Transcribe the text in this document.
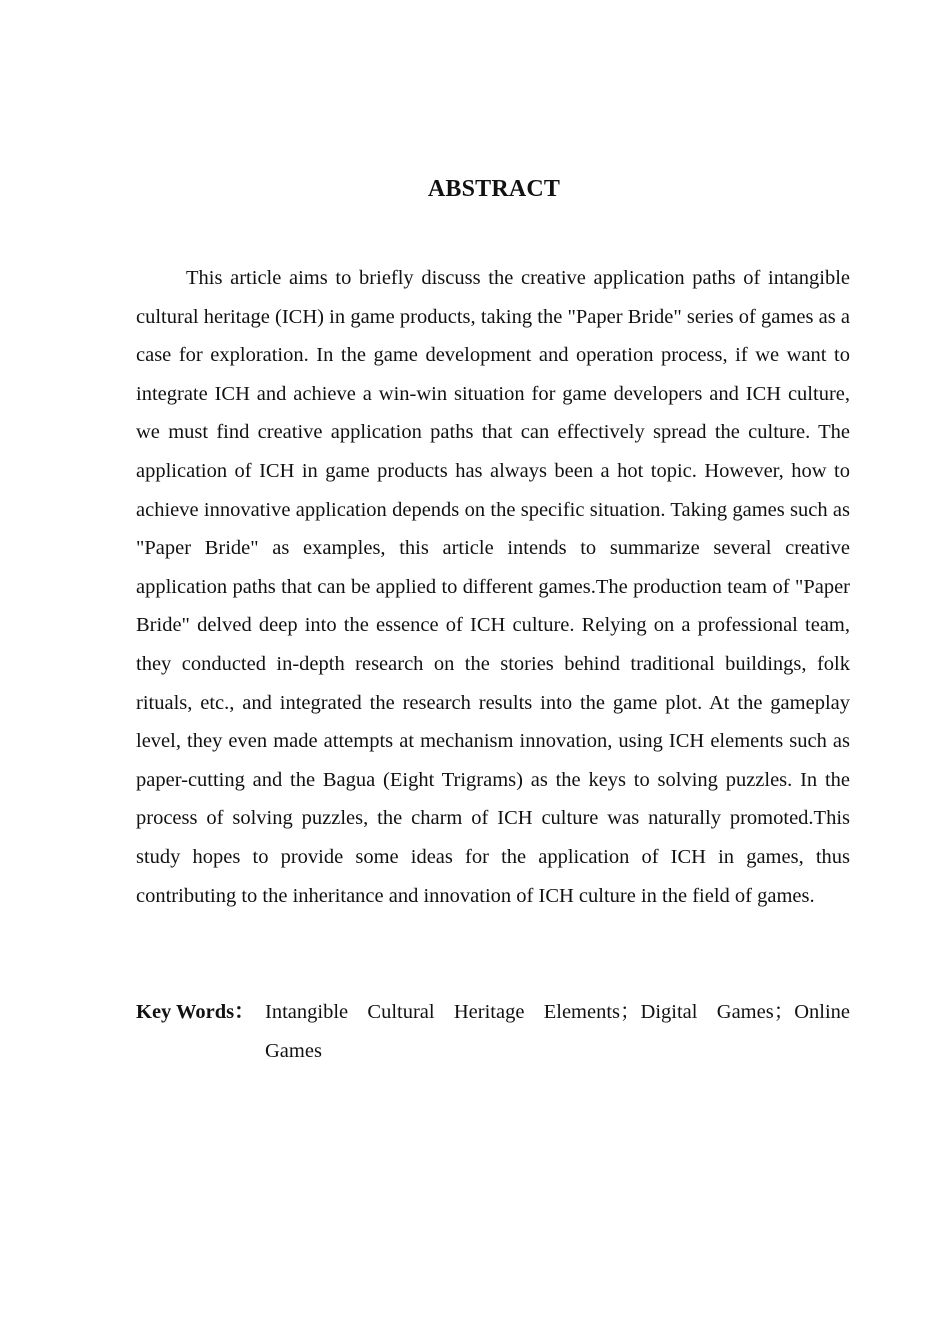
ABSTRACT

This article aims to briefly discuss the creative application paths of intangible cultural heritage (ICH) in game products, taking the "Paper Bride" series of games as a case for exploration. In the game development and operation process, if we want to integrate ICH and achieve a win-win situation for game developers and ICH culture, we must find creative application paths that can effectively spread the culture. The application of ICH in game products has always been a hot topic. However, how to achieve innovative application depends on the specific situation. Taking games such as "Paper Bride" as examples, this article intends to summarize several creative application paths that can be applied to different games.The production team of "Paper Bride" delved deep into the essence of ICH culture. Relying on a professional team, they conducted in-depth research on the stories behind traditional buildings, folk rituals, etc., and integrated the research results into the game plot. At the gameplay level, they even made attempts at mechanism innovation, using ICH elements such as paper-cutting and the Bagua (Eight Trigrams) as the keys to solving puzzles. In the process of solving puzzles, the charm of ICH culture was naturally promoted.This study hopes to provide some ideas for the application of ICH in games, thus contributing to the inheritance and innovation of ICH culture in the field of games.

Key Words： Intangible Cultural Heritage Elements；Digital Games；Online Games
